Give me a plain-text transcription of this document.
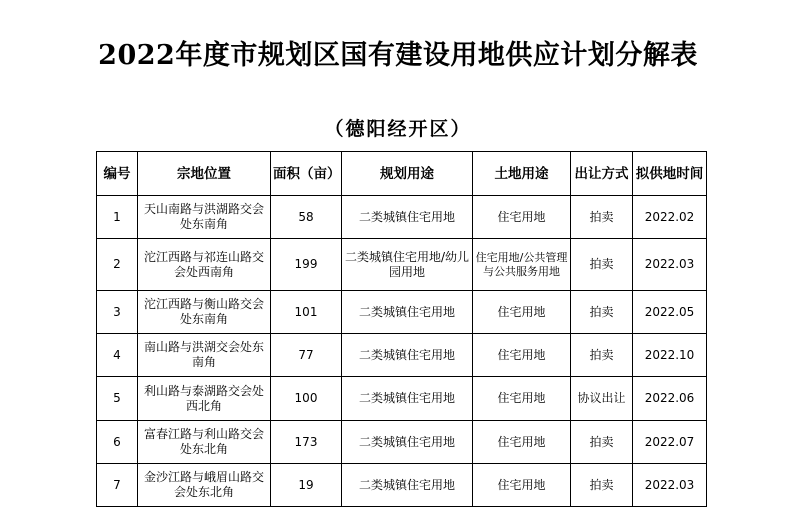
2022年度市规划区国有建设用地供应计划分解表
（德阳经开区）
编号	宗地位置	面积（亩）	规划用途	土地用途	出让方式	拟供地时间
1	天山南路与洪湖路交会处东南角	58	二类城镇住宅用地	住宅用地	拍卖	2022.02
2	沱江西路与祁连山路交会处西南角	199	二类城镇住宅用地/幼儿园用地	住宅用地/公共管理与公共服务用地	拍卖	2022.03
3	沱江西路与衡山路交会处东南角	101	二类城镇住宅用地	住宅用地	拍卖	2022.05
4	南山路与洪湖交会处东南角	77	二类城镇住宅用地	住宅用地	拍卖	2022.10
5	利山路与泰湖路交会处西北角	100	二类城镇住宅用地	住宅用地	协议出让	2022.06
6	富春江路与利山路交会处东北角	173	二类城镇住宅用地	住宅用地	拍卖	2022.07
7	金沙江路与峨眉山路交会处东北角	19	二类城镇住宅用地	住宅用地	拍卖	2022.03
